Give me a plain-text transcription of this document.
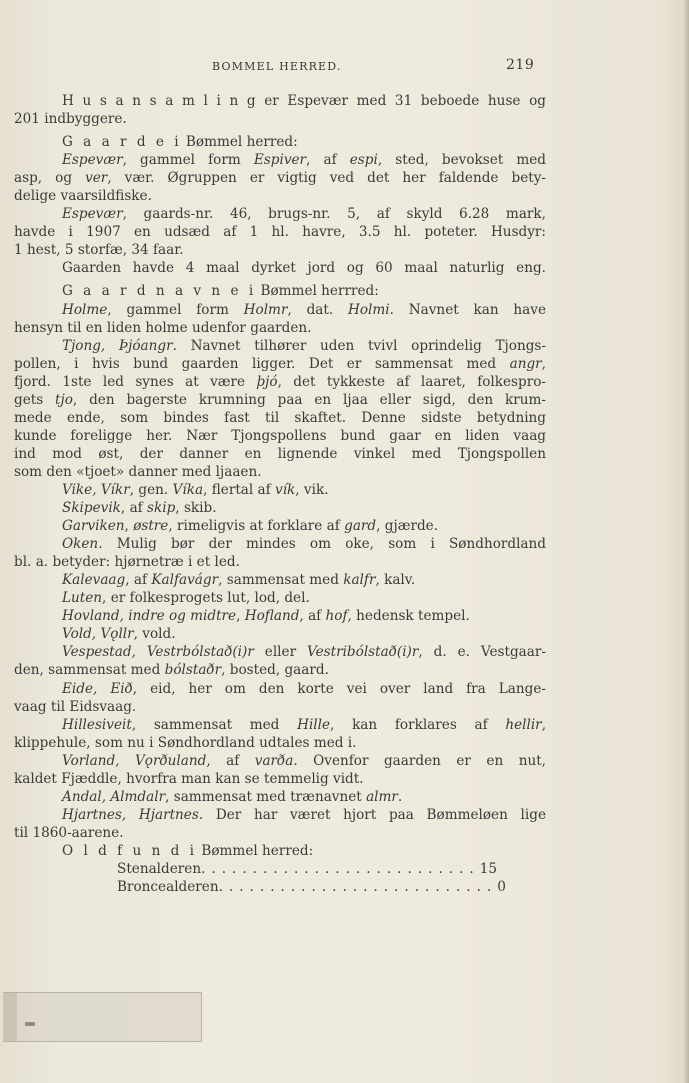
BOMMEL HERRED.	219

H u s a n s a m l i n g er Espevær med 31 beboede huse og

201 indbyggere.

G a a r d e i Bømmel herred:

Espevær, gammel form Espiver, af espi, sted, bevokset med

asp, og ver, vær. Øgruppen er vigtig ved det her faldende bety-

delige vaarsildfiske.

Espevær, gaards-nr. 46, brugs-nr. 5, af skyld 6.28 mark,

havde i 1907 en udsæd af 1 hl. havre, 3.5 hl. poteter. Husdyr:

1 hest, 5 storfæ, 34 faar.

Gaarden havde 4 maal dyrket jord og 60 maal naturlig eng.

G a a r d n a v n e i Bømmel herrred:

Holme, gammel form Holmr, dat. Holmi. Navnet kan have

hensyn til en liden holme udenfor gaarden.

Tjong, Þjóangr. Navnet tilhører uden tvivl oprindelig Tjongs-

pollen, i hvis bund gaarden ligger. Det er sammensat med angr,

fjord. 1ste led synes at være þjó, det tykkeste af laaret, folkespro-

gets tjo, den bagerste krumning paa en ljaa eller sigd, den krum-

mede ende, som bindes fast til skaftet. Denne sidste betydning

kunde foreligge her. Nær Tjongspollens bund gaar en liden vaag

ind mod øst, der danner en lignende vinkel med Tjongspollen

som den «tjoet» danner med ljaaen.

Vike, Víkr, gen. Víka, flertal af vík, vik.

Skipevik, af skip, skib.

Garviken, østre, rimeligvis at forklare af gard, gjærde.

Oken. Mulig bør der mindes om oke, som i Søndhordland

bl. a. betyder: hjørnetræ i et led.

Kalevaag, af Kalfavágr, sammensat med kalfr, kalv.

Luten, er folkesprogets lut, lod, del.

Hovland, indre og midtre, Hofland, af hof, hedensk tempel.

Vold, Vǫllr, vold.

Vespestad, Vestrbólstað(i)r eller Vestribólstað(i)r, d. e. Vestgaar-

den, sammensat med bólstaðr, bosted, gaard.

Eide, Eið, eid, her om den korte vei over land fra Lange-

vaag til Eidsvaag.

Hillesiveit, sammensat med Hille, kan forklares af hellir,

klippehule, som nu i Søndhordland udtales med i.

Vorland, Vǫrðuland, af varða. Ovenfor gaarden er en nut,

kaldet Fjæddle, hvorfra man kan se temmelig vidt.

Andal, Almdalr, sammensat med trænavnet almr.

Hjartnes, Hjartnes. Der har været hjort paa Bømmeløen lige

til 1860-aarene.

O l d f u n d i Bømmel herred:

Stenalderen ........................... 15
Broncealderen ........................... 0
